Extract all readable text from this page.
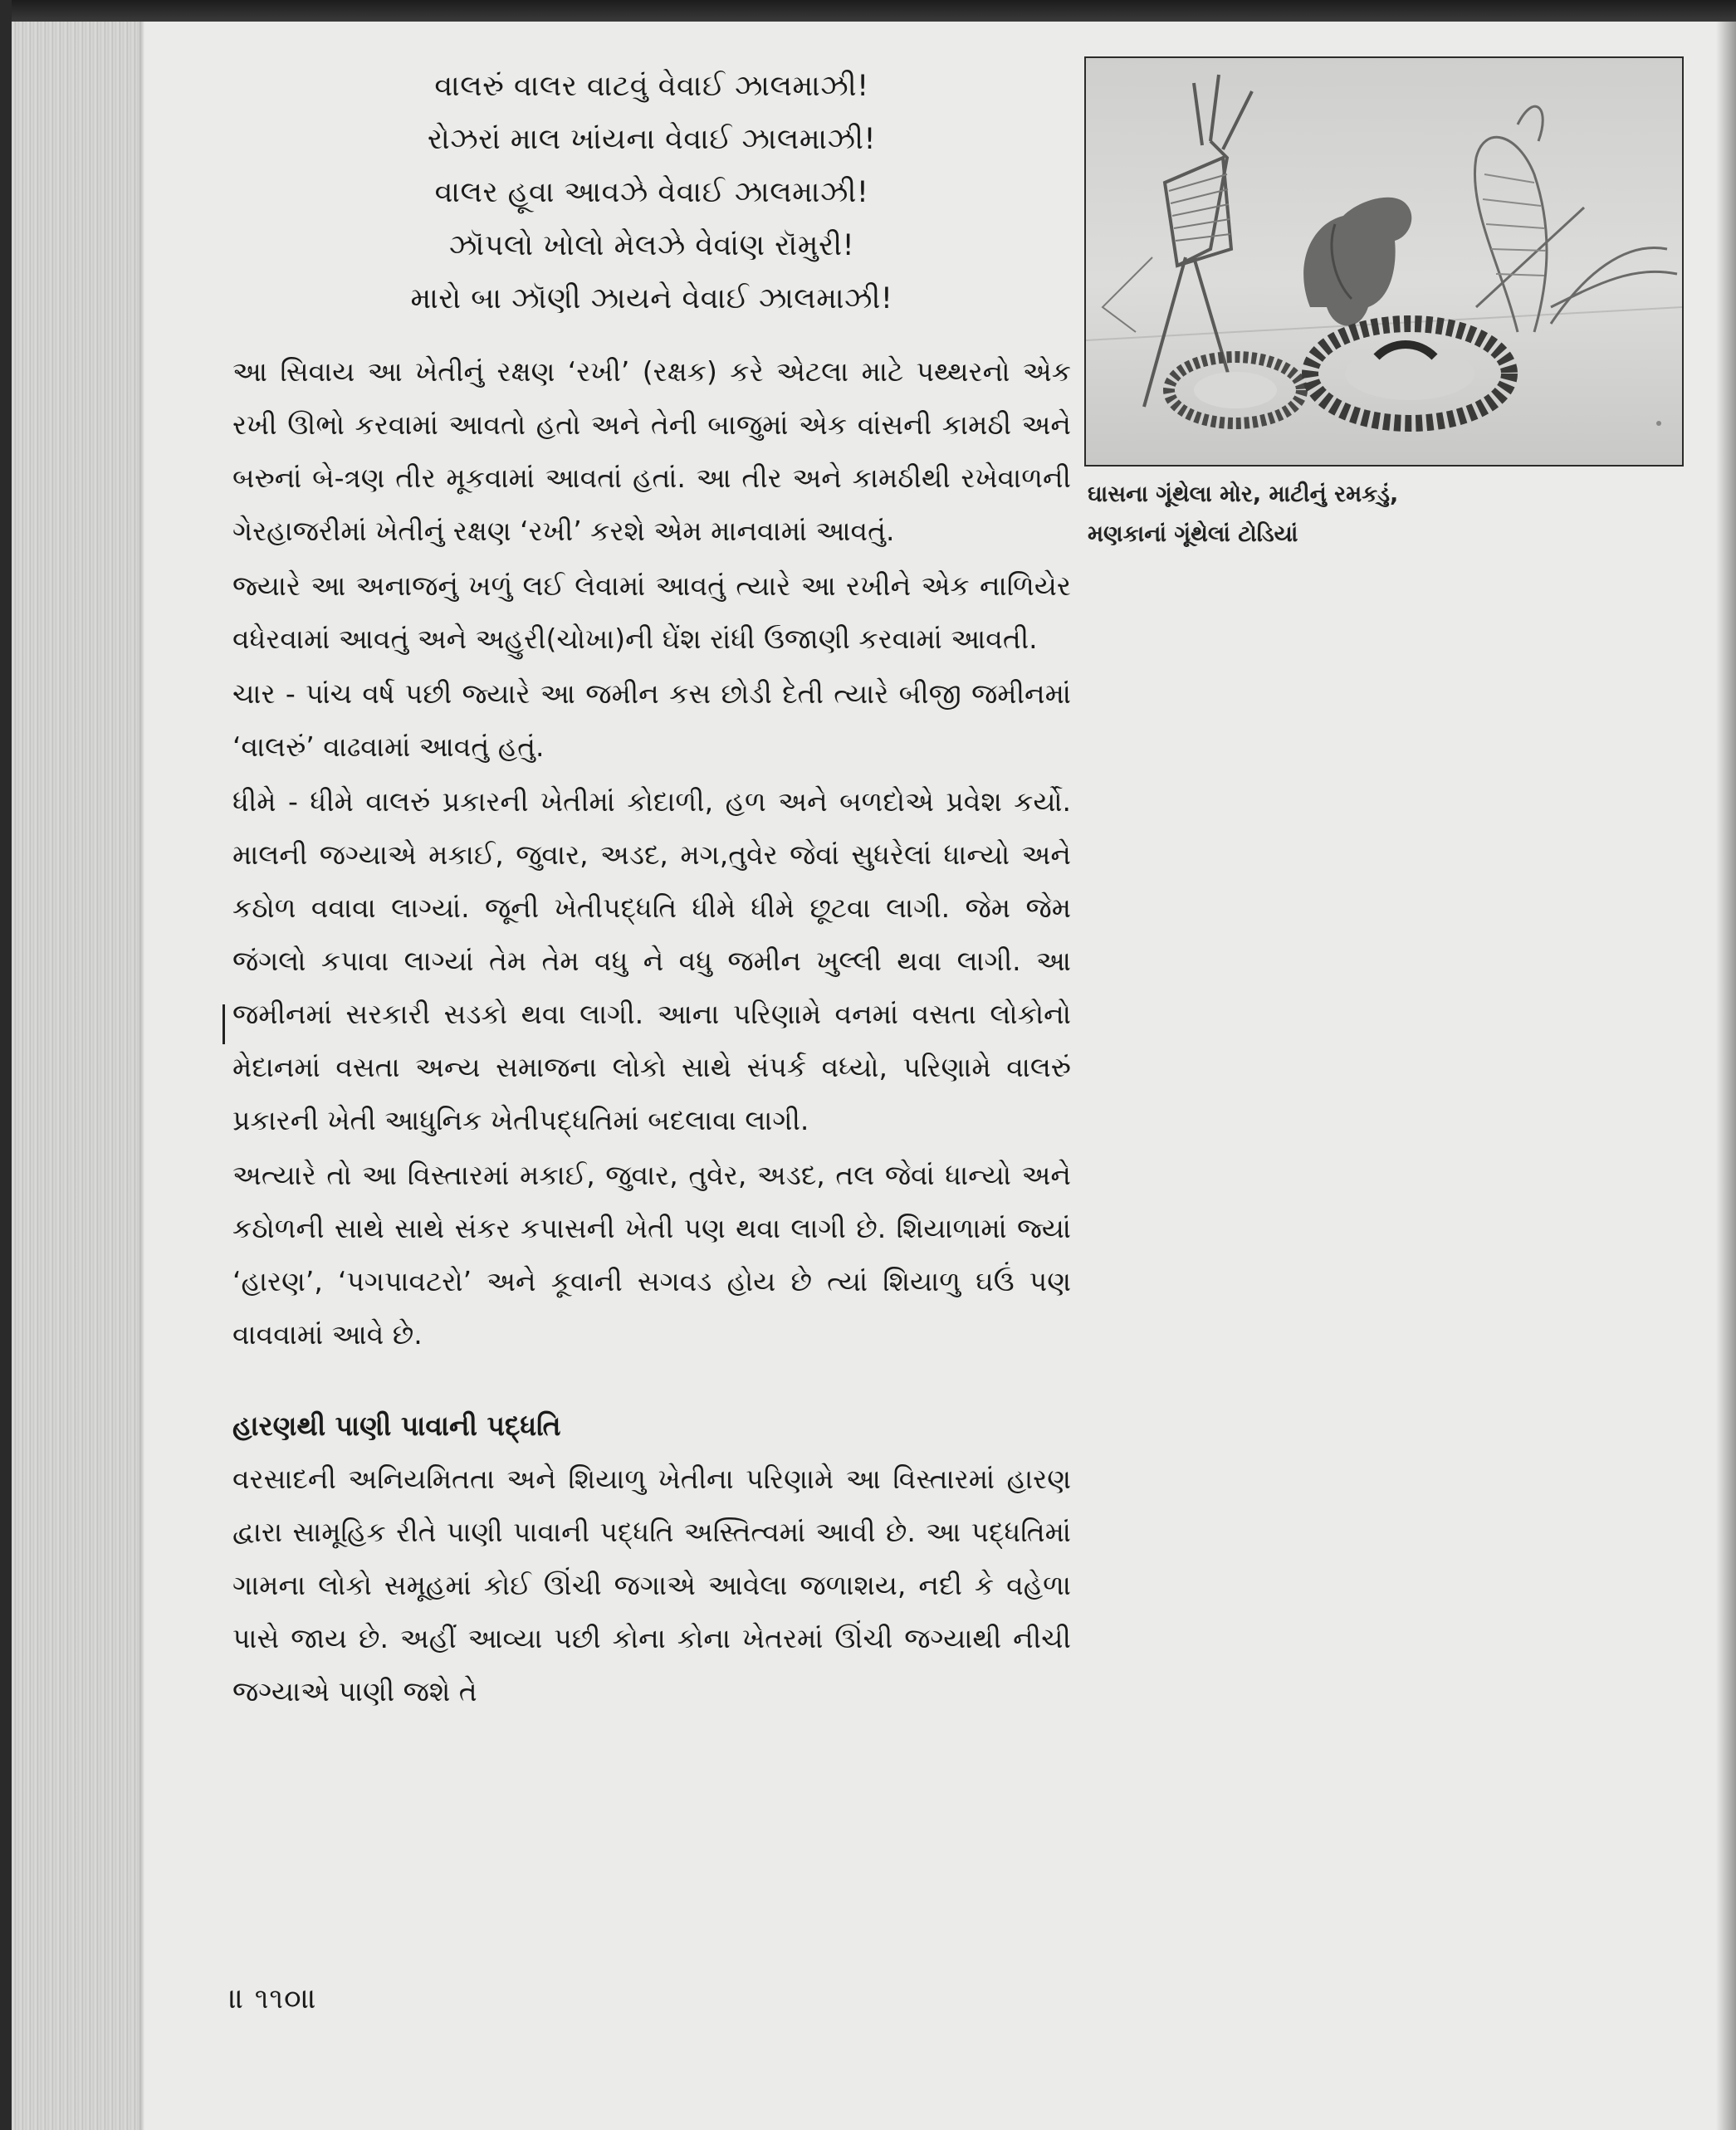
વાલરું વાલર વાટવું વેવાઈ ઝાલમાઝી!
રોઝરાં માલ ખાંયના વેવાઈ ઝાલમાઝી!
વાલર હૂવા આવઝે વેવાઈ ઝાલમાઝી!
ઝૉપલો ખોલો મેલઝે વેવાંણ રૉમુરી!
મારો બા ઝૉણી ઝાયને વેવાઈ ઝાલમાઝી!

આ સિવાય આ ખેતીનું રક્ષણ ‘રખી’ (રક્ષક) કરે એટલા માટે પથ્થરનો એક રખી ઊભો કરવામાં આવતો હતો અને તેની બાજુમાં એક વાંસની કામઠી અને બરુનાં બે-ત્રણ તીર મૂકવામાં આવતાં હતાં. આ તીર અને કામઠીથી રખેવાળની ગેરહાજરીમાં ખેતીનું રક્ષણ ‘રખી’ કરશે એમ માનવામાં આવતું.

જ્યારે આ અનાજનું ખળું લઈ લેવામાં આવતું ત્યારે આ રખીને એક નાળિયેર વધેરવામાં આવતું અને અહુરી(ચોખા)ની ઘેંશ રાંધી ઉજાણી કરવામાં આવતી.

ચાર - પાંચ વર્ષ પછી જ્યારે આ જમીન કસ છોડી દેતી ત્યારે બીજી જમીનમાં ‘વાલરું’ વાઢવામાં આવતું હતું.

ધીમે - ધીમે વાલરું પ્રકારની ખેતીમાં કોદાળી, હળ અને બળદોએ પ્રવેશ કર્યો. માલની જગ્યાએ મકાઈ, જુવાર, અડદ, મગ,તુવેર જેવાં સુધરેલાં ધાન્યો અને કઠોળ વવાવા લાગ્યાં. જૂની ખેતીપદ્ધતિ ધીમે ધીમે છૂટવા લાગી. જેમ જેમ જંગલો કપાવા લાગ્યાં તેમ તેમ વધુ ને વધુ જમીન ખુલ્લી થવા લાગી. આ જમીનમાં સરકારી સડકો થવા લાગી. આના પરિણામે વનમાં વસતા લોકોનો મેદાનમાં વસતા અન્ય સમાજના લોકો સાથે સંપર્ક વધ્યો, પરિણામે વાલરું પ્રકારની ખેતી આધુનિક ખેતીપદ્ધતિમાં બદલાવા લાગી.

અત્યારે તો આ વિસ્તારમાં મકાઈ, જુવાર, તુવેર, અડદ, તલ જેવાં ધાન્યો અને કઠોળની સાથે સાથે સંકર કપાસની ખેતી પણ થવા લાગી છે. શિયાળામાં જ્યાં ‘હારણ’, ‘પગપાવટરો’ અને કૂવાની સગવડ હોય છે ત્યાં શિયાળુ ઘઉં પણ વાવવામાં આવે છે.

હારણથી પાણી પાવાની પદ્ધતિ

વરસાદની અનિયમિતતા અને શિયાળુ ખેતીના પરિણામે આ વિસ્તારમાં હારણ દ્વારા સામૂહિક રીતે પાણી પાવાની પદ્ધતિ અસ્તિત્વમાં આવી છે. આ પદ્ધતિમાં ગામના લોકો સમૂહમાં કોઈ ઊંચી જગાએ આવેલા જળાશય, નદી કે વહેળા પાસે જાય છે. અહીં આવ્યા પછી કોના કોના ખેતરમાં ઊંચી જગ્યાથી નીચી જગ્યાએ પાણી જશે તે

ઘાસના ગૂંથેલા મોર, માટીનું રમકડું,
મણકાનાં ગૂંથેલાં ટોડિયાં
॥ ૧૧૦॥
